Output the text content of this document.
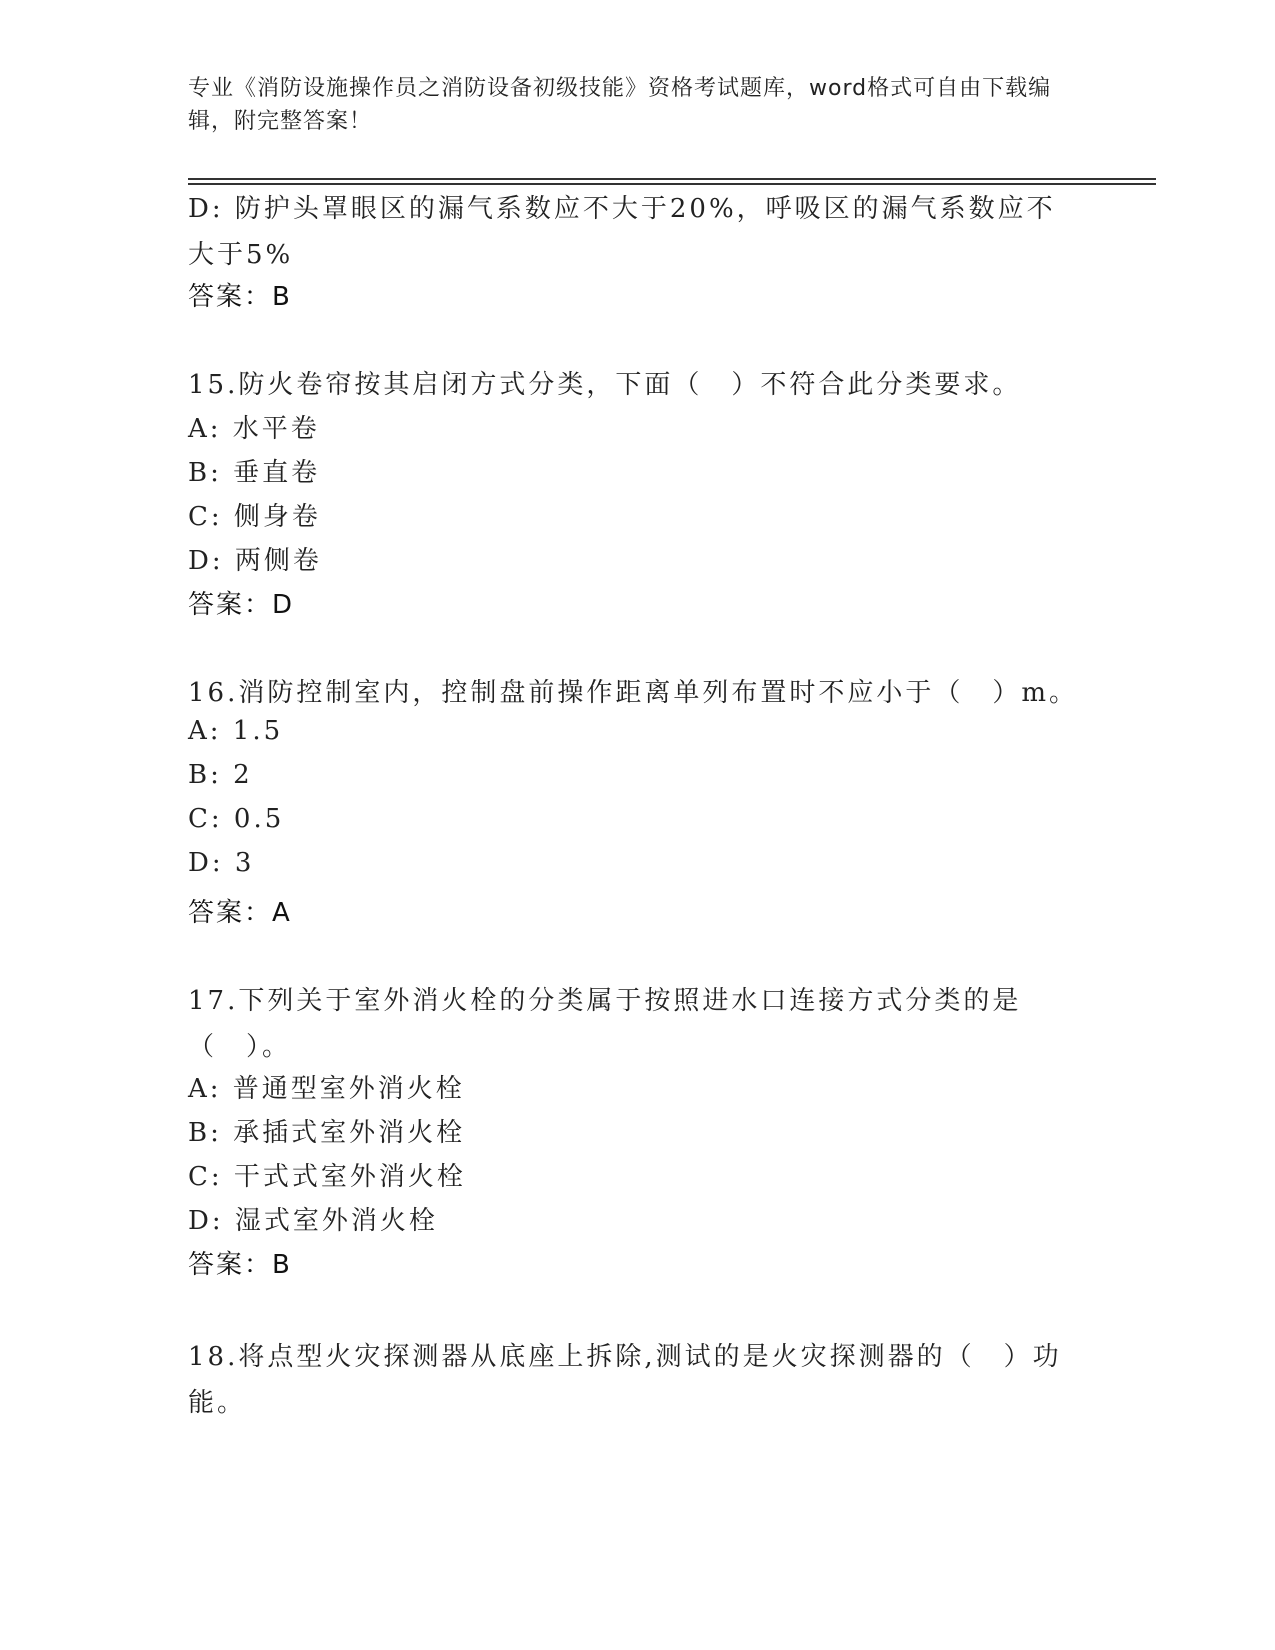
专业《消防设施操作员之消防设备初级技能》资格考试题库，word格式可自由下载编辑，附完整答案！
D: 防护头罩眼区的漏气系数应不大于20%，呼吸区的漏气系数应不大于5%
答案：B
15.防火卷帘按其启闭方式分类，下面（　）不符合此分类要求。
A: 水平卷
B: 垂直卷
C: 侧身卷
D: 两侧卷
答案：D
16.消防控制室内，控制盘前操作距离单列布置时不应小于（　）m。
A: 1.5
B: 2
C: 0.5
D: 3
答案：A
17.下列关于室外消火栓的分类属于按照进水口连接方式分类的是（　）。
A: 普通型室外消火栓
B: 承插式室外消火栓
C: 干式式室外消火栓
D: 湿式室外消火栓
答案：B
18.将点型火灾探测器从底座上拆除,测试的是火灾探测器的（　）功能。
